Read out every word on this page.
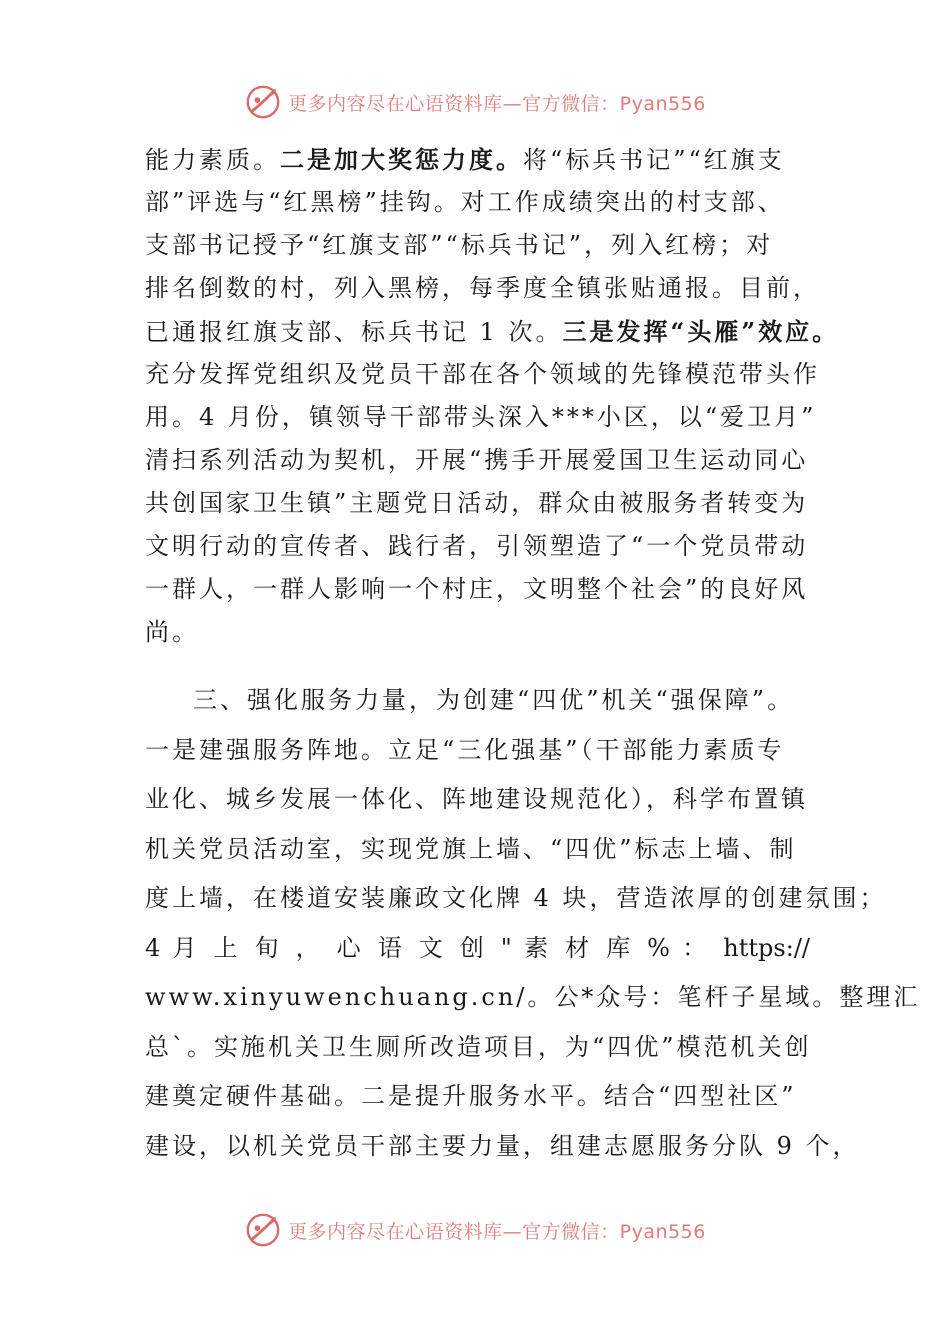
更多内容尽在心语资料库—官方微信：Pyan556
能力素质。二是加大奖惩力度。将“标兵书记”“红旗支
部”评选与“红黑榜”挂钩。对工作成绩突出的村支部、
支部书记授予“红旗支部”“标兵书记”，列入红榜；对
排名倒数的村，列入黑榜，每季度全镇张贴通报。目前，
已通报红旗支部、标兵书记 1 次。三是发挥“头雁”效应。
充分发挥党组织及党员干部在各个领域的先锋模范带头作
用。4 月份，镇领导干部带头深入***小区，以“爱卫月”
清扫系列活动为契机，开展“携手开展爱国卫生运动同心
共创国家卫生镇”主题党日活动，群众由被服务者转变为
文明行动的宣传者、践行者，引领塑造了“一个党员带动
一群人，一群人影响一个村庄，文明整个社会”的良好风
尚。
三、强化服务力量，为创建“四优”机关“强保障”。
一是建强服务阵地。立足“三化强基”（干部能力素质专
业化、城乡发展一体化、阵地建设规范化），科学布置镇
机关党员活动室，实现党旗上墙、“四优”标志上墙、制
度上墙，在楼道安装廉政文化牌 4 块，营造浓厚的创建氛围；
4 月 上 旬 ， 心 语 文 创 " 素 材 库 % ： https://
www.xinyuwenchuang.cn/。公*众号：笔杆子星域。整理汇
总`。实施机关卫生厕所改造项目，为“四优”模范机关创
建奠定硬件基础。二是提升服务水平。结合“四型社区”
建设，以机关党员干部主要力量，组建志愿服务分队 9 个，
更多内容尽在心语资料库—官方微信：Pyan556
